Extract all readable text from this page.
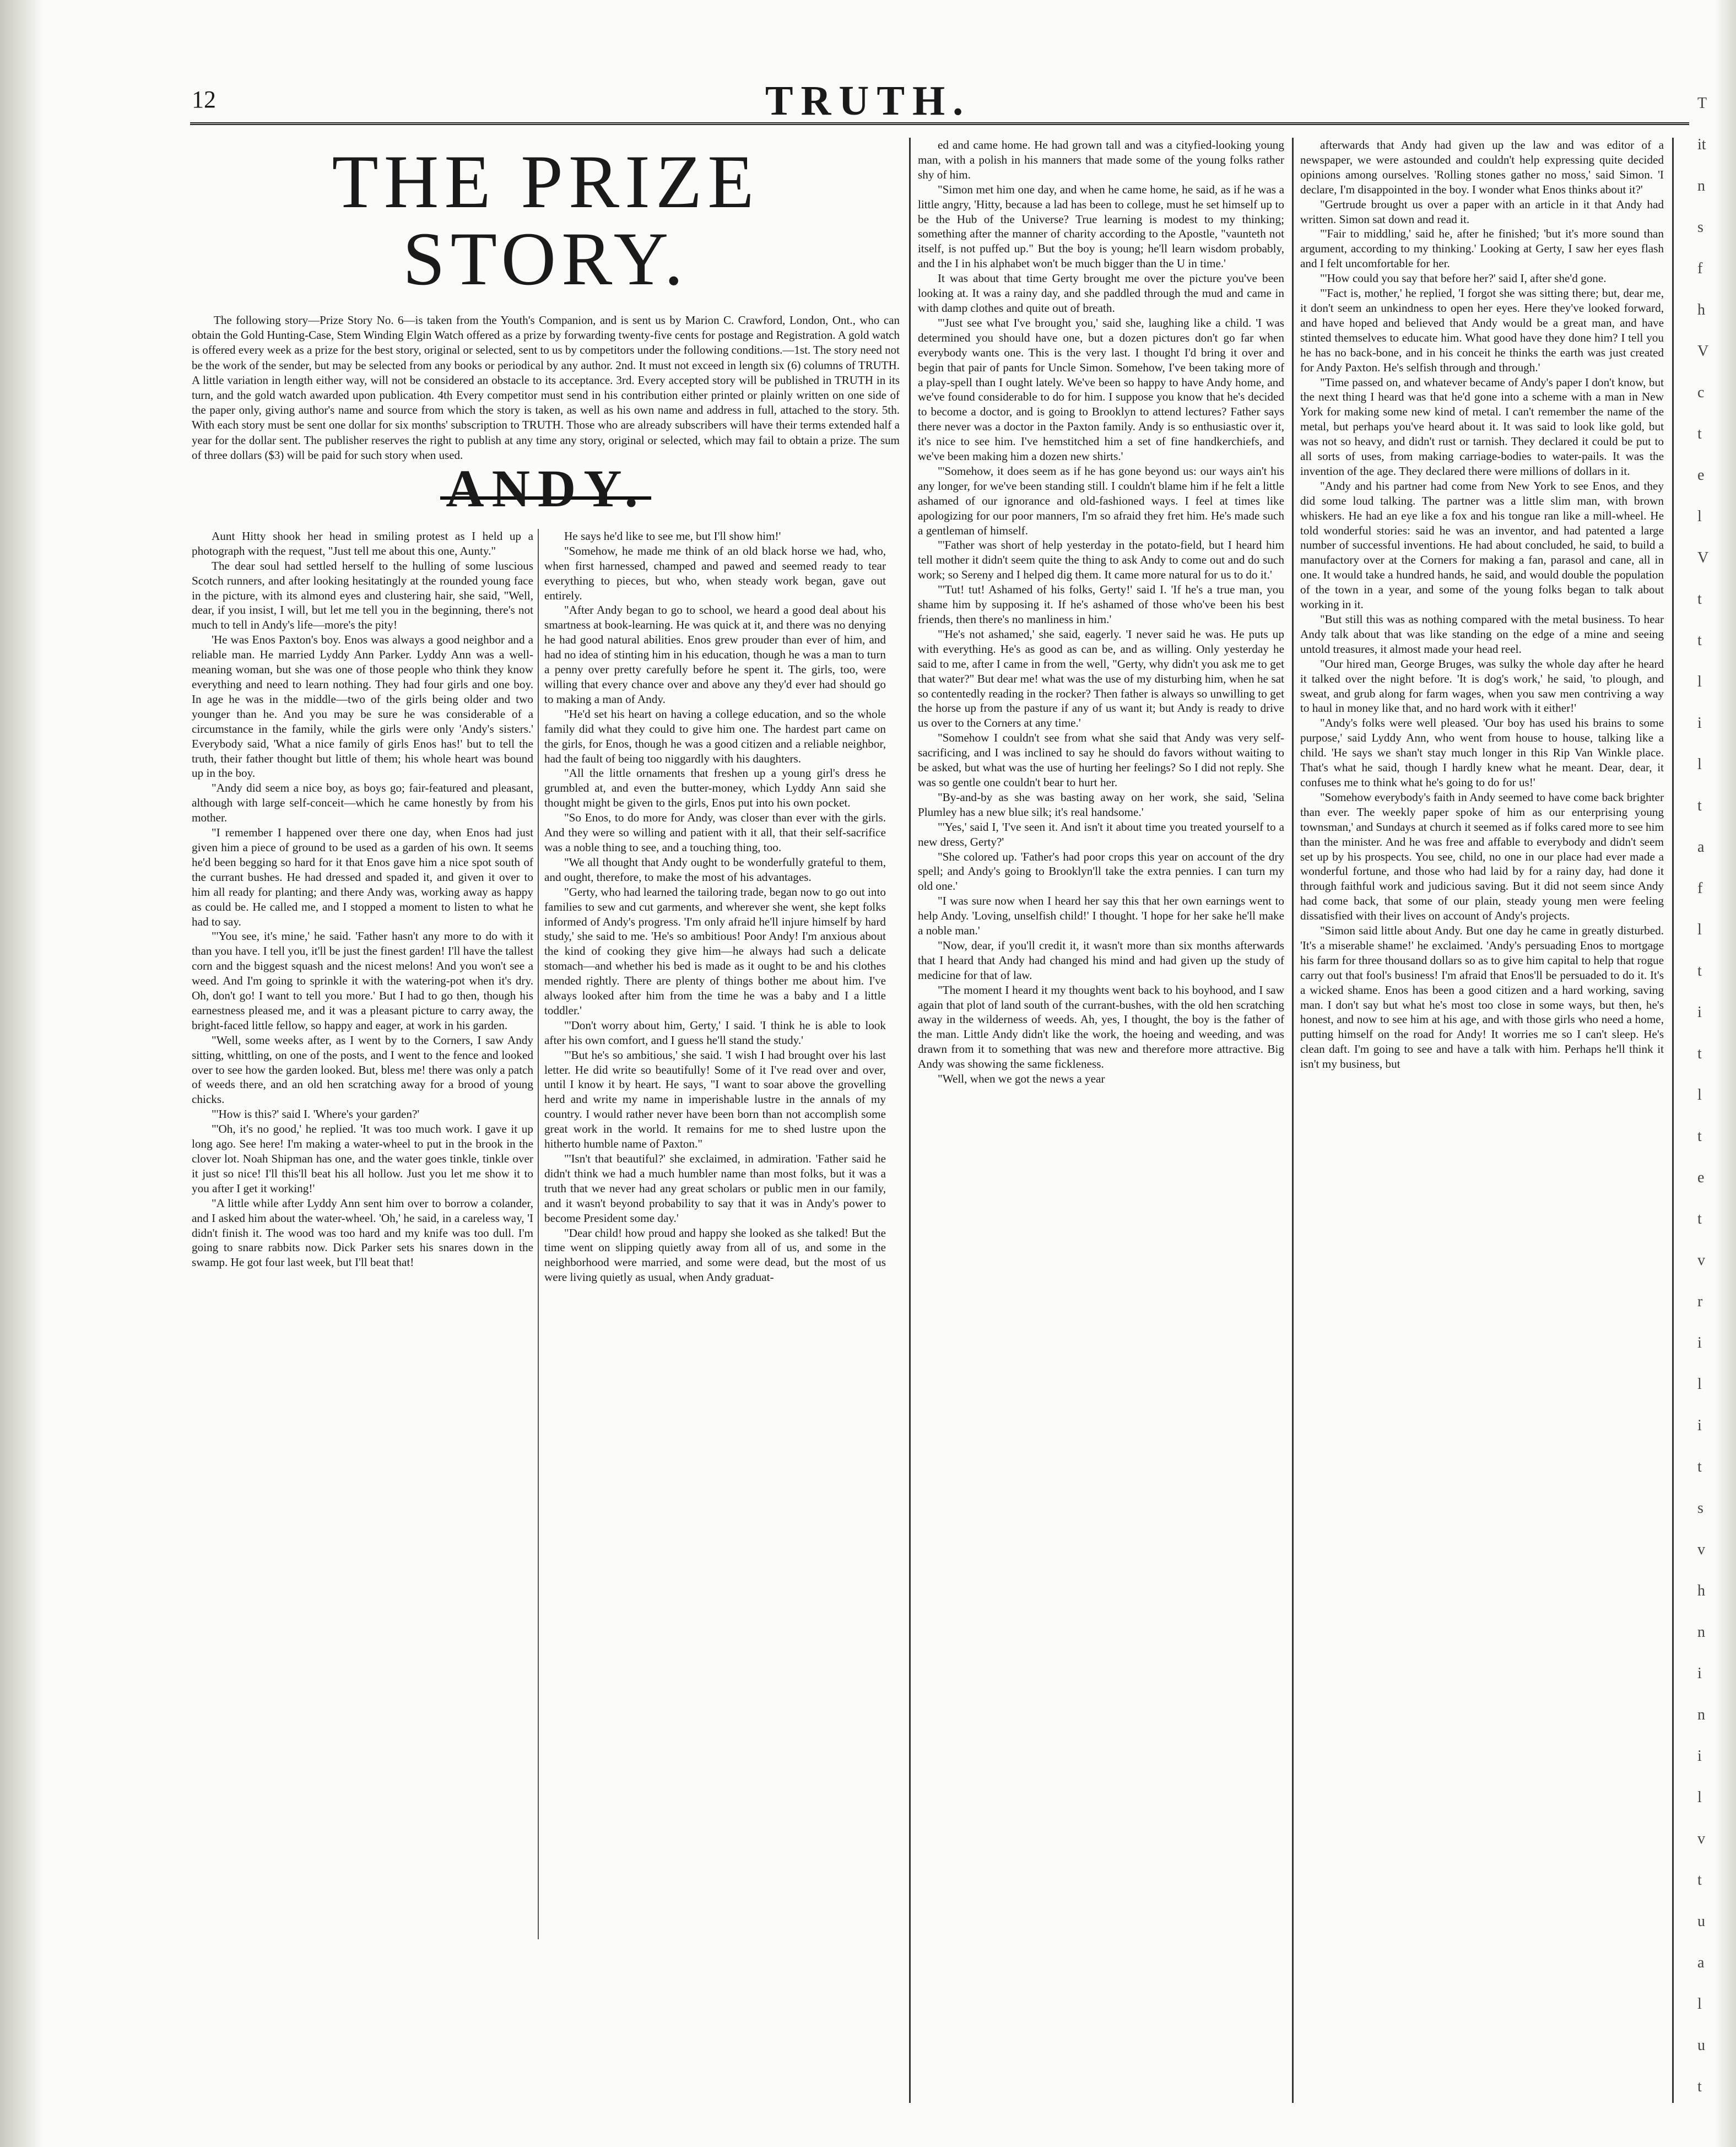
12	TRUTH.
THE PRIZE STORY.

The following story—Prize Story No. 6—is taken from the Youth's Companion, and is sent us by Marion C. Crawford, London, Ont., who can obtain the Gold Hunting-Case, Stem Winding Elgin Watch offered as a prize by forwarding twenty-five cents for postage and Registration. A gold watch is offered every week as a prize for the best story, original or selected, sent to us by competitors under the following conditions.—1st. The story need not be the work of the sender, but may be selected from any books or periodical by any author. 2nd. It must not exceed in length six (6) columns of TRUTH. A little variation in length either way, will not be considered an obstacle to its acceptance. 3rd. Every accepted story will be published in TRUTH in its turn, and the gold watch awarded upon publication. 4th Every competitor must send in his contribution either printed or plainly written on one side of the paper only, giving author's name and source from which the story is taken, as well as his own name and address in full, attached to the story. 5th. With each story must be sent one dollar for six months' subscription to TRUTH. Those who are already subscribers will have their terms extended half a year for the dollar sent. The publisher reserves the right to publish at any time any story, original or selected, which may fail to obtain a prize. The sum of three dollars ($3) will be paid for such story when used.

ANDY.

Aunt Hitty shook her head in smiling protest as I held up a photograph with the request, "Just tell me about this one, Aunty."

The dear soul had settled herself to the hulling of some luscious Scotch runners, and after looking hesitatingly at the rounded young face in the picture, with its almond eyes and clustering hair, she said, "Well, dear, if you insist, I will, but let me tell you in the beginning, there's not much to tell in Andy's life—more's the pity!

'He was Enos Paxton's boy. Enos was always a good neighbor and a reliable man. He married Lyddy Ann Parker. Lyddy Ann was a well-meaning woman, but she was one of those people who think they know everything and need to learn nothing. They had four girls and one boy. In age he was in the middle—two of the girls being older and two younger than he. And you may be sure he was considerable of a circumstance in the family, while the girls were only 'Andy's sisters.' Everybody said, 'What a nice family of girls Enos has!' but to tell the truth, their father thought but little of them; his whole heart was bound up in the boy.

"Andy did seem a nice boy, as boys go; fair-featured and pleasant, although with large self-conceit—which he came honestly by from his mother.

"I remember I happened over there one day, when Enos had just given him a piece of ground to be used as a garden of his own. It seems he'd been begging so hard for it that Enos gave him a nice spot south of the currant bushes. He had dressed and spaded it, and given it over to him all ready for planting; and there Andy was, working away as happy as could be. He called me, and I stopped a moment to listen to what he had to say.

"'You see, it's mine,' he said. 'Father hasn't any more to do with it than you have. I tell you, it'll be just the finest garden! I'll have the tallest corn and the biggest squash and the nicest melons! And you won't see a weed. And I'm going to sprinkle it with the watering-pot when it's dry. Oh, don't go! I want to tell you more.' But I had to go then, though his earnestness pleased me, and it was a pleasant picture to carry away, the bright-faced little fellow, so happy and eager, at work in his garden.

"Well, some weeks after, as I went by to the Corners, I saw Andy sitting, whittling, on one of the posts, and I went to the fence and looked over to see how the garden looked. But, bless me! there was only a patch of weeds there, and an old hen scratching away for a brood of young chicks.

"'How is this?' said I. 'Where's your garden?'

"'Oh, it's no good,' he replied. 'It was too much work. I gave it up long ago. See here! I'm making a water-wheel to put in the brook in the clover lot. Noah Shipman has one, and the water goes tinkle, tinkle over it just so nice! I'll this'll beat his all hollow. Just you let me show it to you after I get it working!'

"A little while after Lyddy Ann sent him over to borrow a colander, and I asked him about the water-wheel. 'Oh,' he said, in a careless way, 'I didn't finish it. The wood was too hard and my knife was too dull. I'm going to snare rabbits now. Dick Parker sets his snares down in the swamp. He got four last week, but I'll beat that!

He says he'd like to see me, but I'll show him!'

"Somehow, he made me think of an old black horse we had, who, when first harnessed, champed and pawed and seemed ready to tear everything to pieces, but who, when steady work began, gave out entirely.

"After Andy began to go to school, we heard a good deal about his smartness at book-learning. He was quick at it, and there was no denying he had good natural abilities. Enos grew prouder than ever of him, and had no idea of stinting him in his education, though he was a man to turn a penny over pretty carefully before he spent it. The girls, too, were willing that every chance over and above any they'd ever had should go to making a man of Andy.

"He'd set his heart on having a college education, and so the whole family did what they could to give him one. The hardest part came on the girls, for Enos, though he was a good citizen and a reliable neighbor, had the fault of being too niggardly with his daughters.

"All the little ornaments that freshen up a young girl's dress he grumbled at, and even the butter-money, which Lyddy Ann said she thought might be given to the girls, Enos put into his own pocket.

"So Enos, to do more for Andy, was closer than ever with the girls. And they were so willing and patient with it all, that their self-sacrifice was a noble thing to see, and a touching thing, too.

"We all thought that Andy ought to be wonderfully grateful to them, and ought, therefore, to make the most of his advantages.

"Gerty, who had learned the tailoring trade, began now to go out into families to sew and cut garments, and wherever she went, she kept folks informed of Andy's progress. 'I'm only afraid he'll injure himself by hard study,' she said to me. 'He's so ambitious! Poor Andy! I'm anxious about the kind of cooking they give him—he always had such a delicate stomach—and whether his bed is made as it ought to be and his clothes mended rightly. There are plenty of things bother me about him. I've always looked after him from the time he was a baby and I a little toddler.'

"'Don't worry about him, Gerty,' I said. 'I think he is able to look after his own comfort, and I guess he'll stand the study.'

"'But he's so ambitious,' she said. 'I wish I had brought over his last letter. He did write so beautifully! Some of it I've read over and over, until I know it by heart. He says, "I want to soar above the grovelling herd and write my name in imperishable lustre in the annals of my country. I would rather never have been born than not accomplish some great work in the world. It remains for me to shed lustre upon the hitherto humble name of Paxton."

"'Isn't that beautiful?' she exclaimed, in admiration. 'Father said he didn't think we had a much humbler name than most folks, but it was a truth that we never had any great scholars or public men in our family, and it wasn't beyond probability to say that it was in Andy's power to become President some day.'

"Dear child! how proud and happy she looked as she talked! But the time went on slipping quietly away from all of us, and some in the neighborhood were married, and some were dead, but the most of us were living quietly as usual, when Andy graduat-

ed and came home. He had grown tall and was a cityfied-looking young man, with a polish in his manners that made some of the young folks rather shy of him.

"Simon met him one day, and when he came home, he said, as if he was a little angry, 'Hitty, because a lad has been to college, must he set himself up to be the Hub of the Universe? True learning is modest to my thinking; something after the manner of charity according to the Apostle, "vaunteth not itself, is not puffed up." But the boy is young; he'll learn wisdom probably, and the I in his alphabet won't be much bigger than the U in time.'

It was about that time Gerty brought me over the picture you've been looking at. It was a rainy day, and she paddled through the mud and came in with damp clothes and quite out of breath.

"'Just see what I've brought you,' said she, laughing like a child. 'I was determined you should have one, but a dozen pictures don't go far when everybody wants one. This is the very last. I thought I'd bring it over and begin that pair of pants for Uncle Simon. Somehow, I've been taking more of a play-spell than I ought lately. We've been so happy to have Andy home, and we've found considerable to do for him. I suppose you know that he's decided to become a doctor, and is going to Brooklyn to attend lectures? Father says there never was a doctor in the Paxton family. Andy is so enthusiastic over it, it's nice to see him. I've hemstitched him a set of fine handkerchiefs, and we've been making him a dozen new shirts.'

"'Somehow, it does seem as if he has gone beyond us: our ways ain't his any longer, for we've been standing still. I couldn't blame him if he felt a little ashamed of our ignorance and old-fashioned ways. I feel at times like apologizing for our poor manners, I'm so afraid they fret him. He's made such a gentleman of himself.

"'Father was short of help yesterday in the potato-field, but I heard him tell mother it didn't seem quite the thing to ask Andy to come out and do such work; so Sereny and I helped dig them. It came more natural for us to do it.'

"'Tut! tut! Ashamed of his folks, Gerty!' said I. 'If he's a true man, you shame him by supposing it. If he's ashamed of those who've been his best friends, then there's no manliness in him.'

"'He's not ashamed,' she said, eagerly. 'I never said he was. He puts up with everything. He's as good as can be, and as willing. Only yesterday he said to me, after I came in from the well, "Gerty, why didn't you ask me to get that water?" But dear me! what was the use of my disturbing him, when he sat so contentedly reading in the rocker? Then father is always so unwilling to get the horse up from the pasture if any of us want it; but Andy is ready to drive us over to the Corners at any time.'

"Somehow I couldn't see from what she said that Andy was very self-sacrificing, and I was inclined to say he should do favors without waiting to be asked, but what was the use of hurting her feelings? So I did not reply. She was so gentle one couldn't bear to hurt her.

"By-and-by as she was basting away on her work, she said, 'Selina Plumley has a new blue silk; it's real handsome.'

"'Yes,' said I, 'I've seen it. And isn't it about time you treated yourself to a new dress, Gerty?'

"She colored up. 'Father's had poor crops this year on account of the dry spell; and Andy's going to Brooklyn'll take the extra pennies. I can turn my old one.'

"I was sure now when I heard her say this that her own earnings went to help Andy. 'Loving, unselfish child!' I thought. 'I hope for her sake he'll make a noble man.'

"Now, dear, if you'll credit it, it wasn't more than six months afterwards that I heard that Andy had changed his mind and had given up the study of medicine for that of law.

"The moment I heard it my thoughts went back to his boyhood, and I saw again that plot of land south of the currant-bushes, with the old hen scratching away in the wilderness of weeds. Ah, yes, I thought, the boy is the father of the man. Little Andy didn't like the work, the hoeing and weeding, and was drawn from it to something that was new and therefore more attractive. Big Andy was showing the same fickleness.

"Well, when we got the news a year

afterwards that Andy had given up the law and was editor of a newspaper, we were astounded and couldn't help expressing quite decided opinions among ourselves. 'Rolling stones gather no moss,' said Simon. 'I declare, I'm disappointed in the boy. I wonder what Enos thinks about it?'

"Gertrude brought us over a paper with an article in it that Andy had written. Simon sat down and read it.

"'Fair to middling,' said he, after he finished; 'but it's more sound than argument, according to my thinking.' Looking at Gerty, I saw her eyes flash and I felt uncomfortable for her.

"'How could you say that before her?' said I, after she'd gone.

"'Fact is, mother,' he replied, 'I forgot she was sitting there; but, dear me, it don't seem an unkindness to open her eyes. Here they've looked forward, and have hoped and believed that Andy would be a great man, and have stinted themselves to educate him. What good have they done him? I tell you he has no back-bone, and in his conceit he thinks the earth was just created for Andy Paxton. He's selfish through and through.'

"Time passed on, and whatever became of Andy's paper I don't know, but the next thing I heard was that he'd gone into a scheme with a man in New York for making some new kind of metal. I can't remember the name of the metal, but perhaps you've heard about it. It was said to look like gold, but was not so heavy, and didn't rust or tarnish. They declared it could be put to all sorts of uses, from making carriage-bodies to water-pails. It was the invention of the age. They declared there were millions of dollars in it.

"Andy and his partner had come from New York to see Enos, and they did some loud talking. The partner was a little slim man, with brown whiskers. He had an eye like a fox and his tongue ran like a mill-wheel. He told wonderful stories: said he was an inventor, and had patented a large number of successful inventions. He had about concluded, he said, to build a manufactory over at the Corners for making a fan, parasol and cane, all in one. It would take a hundred hands, he said, and would double the population of the town in a year, and some of the young folks began to talk about working in it.

"But still this was as nothing compared with the metal business. To hear Andy talk about that was like standing on the edge of a mine and seeing untold treasures, it almost made your head reel.

"Our hired man, George Bruges, was sulky the whole day after he heard it talked over the night before. 'It is dog's work,' he said, 'to plough, and sweat, and grub along for farm wages, when you saw men contriving a way to haul in money like that, and no hard work with it either!'

"Andy's folks were well pleased. 'Our boy has used his brains to some purpose,' said Lyddy Ann, who went from house to house, talking like a child. 'He says we shan't stay much longer in this Rip Van Winkle place. That's what he said, though I hardly knew what he meant. Dear, dear, it confuses me to think what he's going to do for us!'

"Somehow everybody's faith in Andy seemed to have come back brighter than ever. The weekly paper spoke of him as our enterprising young townsman,' and Sundays at church it seemed as if folks cared more to see him than the minister. And he was free and affable to everybody and didn't seem set up by his prospects. You see, child, no one in our place had ever made a wonderful fortune, and those who had laid by for a rainy day, had done it through faithful work and judicious saving. But it did not seem since Andy had come back, that some of our plain, steady young men were feeling dissatisfied with their lives on account of Andy's projects.

"Simon said little about Andy. But one day he came in greatly disturbed. 'It's a miserable shame!' he exclaimed. 'Andy's persuading Enos to mortgage his farm for three thousand dollars so as to give him capital to help that rogue carry out that fool's business! I'm afraid that Enos'll be persuaded to do it. It's a wicked shame. Enos has been a good citizen and a hard working, saving man. I don't say but what he's most too close in some ways, but then, he's honest, and now to see him at his age, and with those girls who need a home, putting himself on the road for Andy! It worries me so I can't sleep. He's clean daft. I'm going to see and have a talk with him. Perhaps he'll think it isn't my business, but

T
it
n
s
f
h
V
c
t
e
l
V
t
t
l
i
l
t
a
f
l
t
i
t
l
t
e
t
v
r
i
l
i
t
s
v
h
n
i
n
i
l
v
t
u
a
l
u
t
